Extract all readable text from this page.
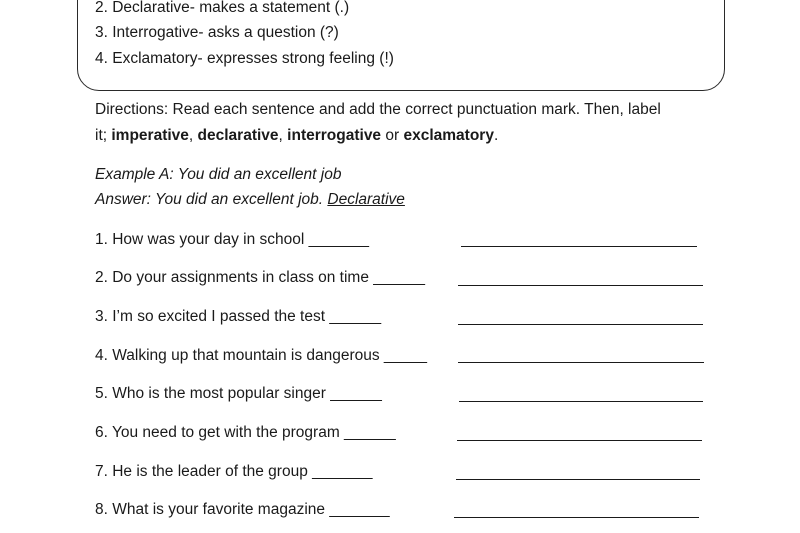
2. Declarative- makes a statement (.)
3. Interrogative- asks a question (?)
4. Exclamatory- expresses strong feeling (!)
Directions: Read each sentence and add the correct punctuation mark. Then, label
it; imperative, declarative, interrogative or exclamatory.
Example A: You did an excellent job
Answer: You did an excellent job. Declarative
1. How was your day in school _______
2. Do your assignments in class on time ______
3. I’m so excited I passed the test ______
4. Walking up that mountain is dangerous _____
5. Who is the most popular singer ______
6. You need to get with the program ______
7. He is the leader of the group _______
8. What is your favorite magazine _______
